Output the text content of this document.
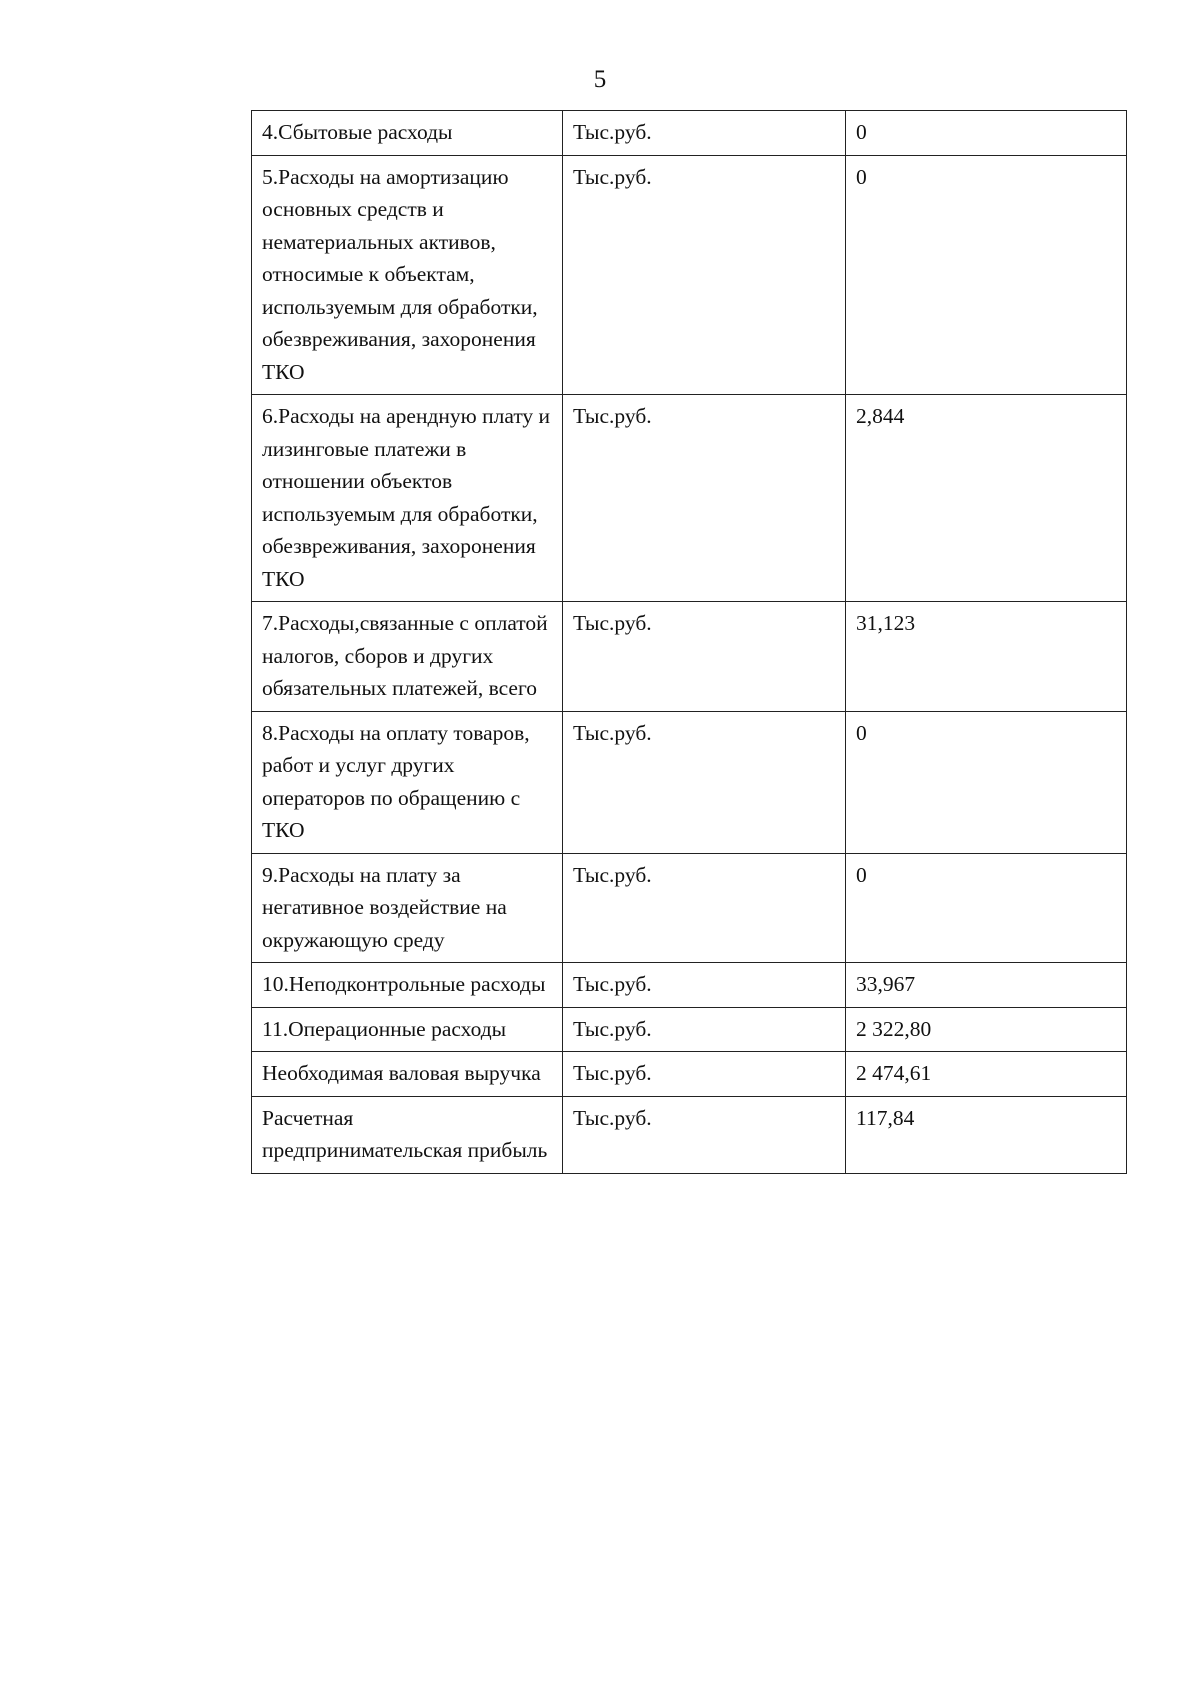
5
4.Сбытовые расходы	Тыс.руб.	0
5.Расходы на амортизацию основных средств и нематериальных активов, относимые к объектам, используемым для обработки, обезвреживания, захоронения ТКО	Тыс.руб.	0
6.Расходы на арендную плату и лизинговые платежи в отношении объектов используемым для обработки, обезвреживания, захоронения ТКО	Тыс.руб.	2,844
7.Расходы,связанные с оплатой налогов, сборов и других обязательных платежей, всего	Тыс.руб.	31,123
8.Расходы на оплату товаров, работ и услуг других операторов по обращению с ТКО	Тыс.руб.	0
9.Расходы на плату за негативное воздействие на окружающую среду	Тыс.руб.	0
10.Неподконтрольные расходы	Тыс.руб.	33,967
11.Операционные расходы	Тыс.руб.	2 322,80
Необходимая валовая выручка	Тыс.руб.	2 474,61
Расчетная предпринимательская прибыль	Тыс.руб.	117,84
